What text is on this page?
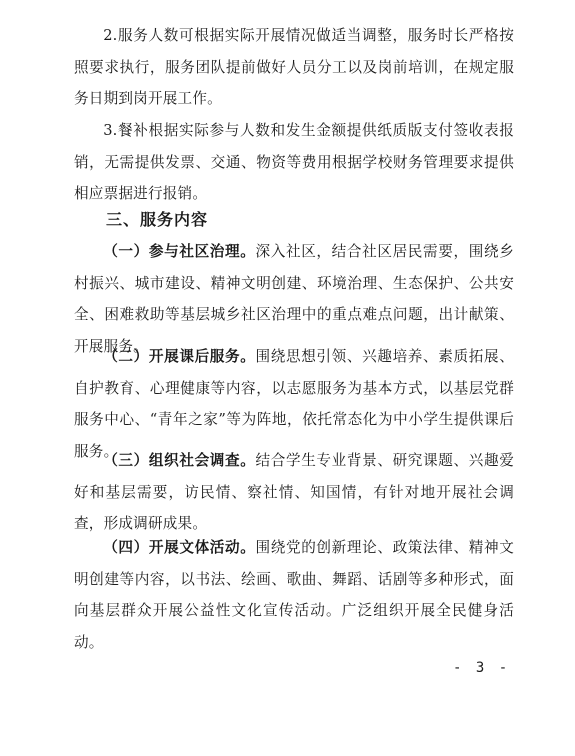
2.服务人数可根据实际开展情况做适当调整，服务时长严格按照要求执行，服务团队提前做好人员分工以及岗前培训，在规定服务日期到岗开展工作。

3.餐补根据实际参与人数和发生金额提供纸质版支付签收表报销，无需提供发票、交通、物资等费用根据学校财务管理要求提供相应票据进行报销。

三、服务内容

（一）参与社区治理。深入社区，结合社区居民需要，围绕乡村振兴、城市建设、精神文明创建、环境治理、生态保护、公共安全、困难救助等基层城乡社区治理中的重点难点问题，出计献策、开展服务。

（二）开展课后服务。围绕思想引领、兴趣培养、素质拓展、自护教育、心理健康等内容，以志愿服务为基本方式，以基层党群服务中心、“青年之家”等为阵地，依托常态化为中小学生提供课后服务。

（三）组织社会调查。结合学生专业背景、研究课题、兴趣爱好和基层需要，访民情、察社情、知国情，有针对地开展社会调查，形成调研成果。

（四）开展文体活动。围绕党的创新理论、政策法律、精神文明创建等内容，以书法、绘画、歌曲、舞蹈、话剧等多种形式，面向基层群众开展公益性文化宣传活动。广泛组织开展全民健身活动。

- 3 -
